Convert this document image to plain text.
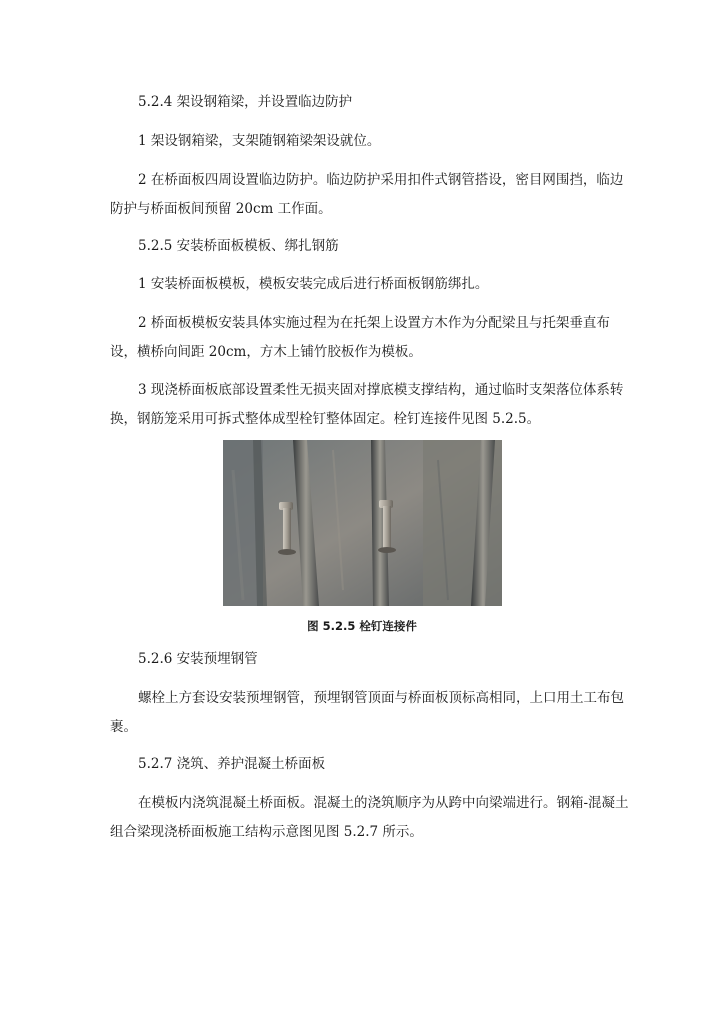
5.2.4 架设钢箱梁，并设置临边防护

1 架设钢箱梁，支架随钢箱梁架设就位。

2 在桥面板四周设置临边防护。临边防护采用扣件式钢管搭设，密目网围挡，临边防护与桥面板间预留 20cm 工作面。

5.2.5 安装桥面板模板、绑扎钢筋

1 安装桥面板模板，模板安装完成后进行桥面板钢筋绑扎。

2 桥面板模板安装具体实施过程为在托架上设置方木作为分配梁且与托架垂直布设，横桥向间距 20cm，方木上铺竹胶板作为模板。

3 现浇桥面板底部设置柔性无损夹固对撑底模支撑结构，通过临时支架落位体系转换，钢筋笼采用可拆式整体成型栓钉整体固定。栓钉连接件见图 5.2.5。

图 5.2.5 栓钉连接件

5.2.6 安装预埋钢管

螺栓上方套设安装预埋钢管，预埋钢管顶面与桥面板顶标高相同，上口用土工布包裹。

5.2.7 浇筑、养护混凝土桥面板

在模板内浇筑混凝土桥面板。混凝土的浇筑顺序为从跨中向梁端进行。钢箱-混凝土组合梁现浇桥面板施工结构示意图见图 5.2.7 所示。
